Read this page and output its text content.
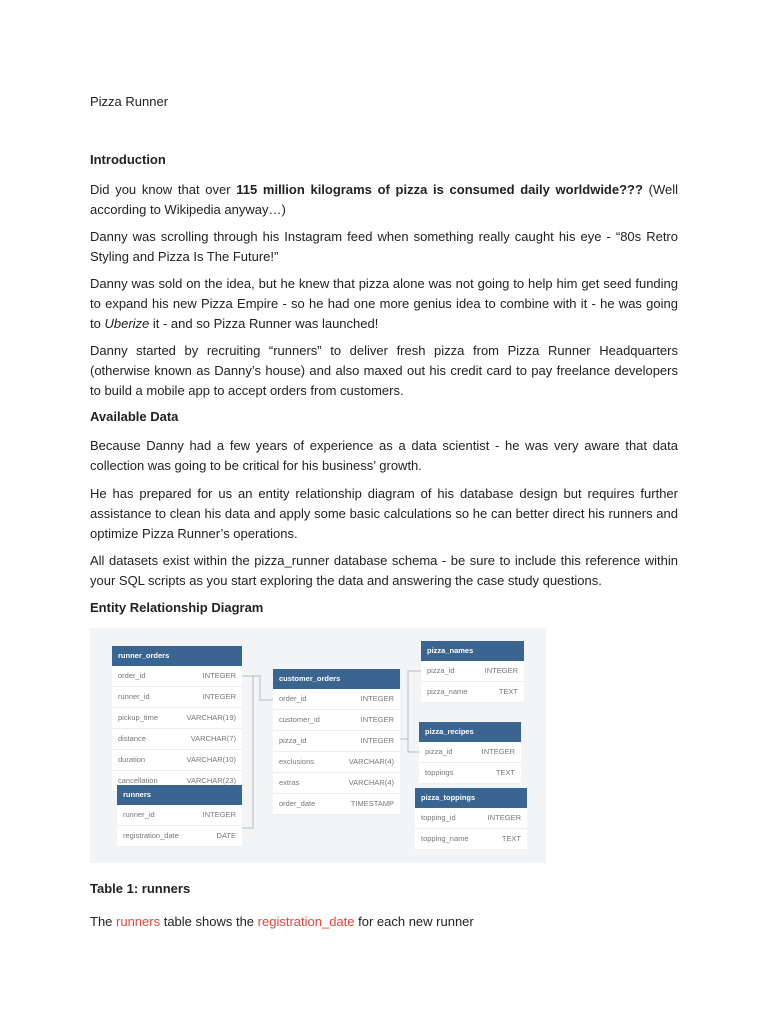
Pizza Runner
Introduction
Did you know that over 115 million kilograms of pizza is consumed daily worldwide??? (Well according to Wikipedia anyway…)
Danny was scrolling through his Instagram feed when something really caught his eye - “80s Retro Styling and Pizza Is The Future!”
Danny was sold on the idea, but he knew that pizza alone was not going to help him get seed funding to expand his new Pizza Empire - so he had one more genius idea to combine with it - he was going to Uberize it - and so Pizza Runner was launched!
Danny started by recruiting “runners” to deliver fresh pizza from Pizza Runner Headquarters (otherwise known as Danny’s house) and also maxed out his credit card to pay freelance developers to build a mobile app to accept orders from customers.
Available Data
Because Danny had a few years of experience as a data scientist - he was very aware that data collection was going to be critical for his business’ growth.
He has prepared for us an entity relationship diagram of his database design but requires further assistance to clean his data and apply some basic calculations so he can better direct his runners and optimize Pizza Runner’s operations.
All datasets exist within the pizza_runner database schema - be sure to include this reference within your SQL scripts as you start exploring the data and answering the case study questions.
Entity Relationship Diagram
runner_orders
order_id	INTEGER
runner_id	INTEGER
pickup_time	VARCHAR(19)
distance	VARCHAR(7)
duration	VARCHAR(10)
cancellation	VARCHAR(23)
runners
runner_id	INTEGER
registration_date	DATE
customer_orders
order_id	INTEGER
customer_id	INTEGER
pizza_id	INTEGER
exclusions	VARCHAR(4)
extras	VARCHAR(4)
order_date	TIMESTAMP
pizza_names
pizza_id	INTEGER
pizza_name	TEXT
pizza_recipes
pizza_id	INTEGER
toppings	TEXT
pizza_toppings
topping_id	INTEGER
topping_name	TEXT
Table 1: runners
The runners table shows the registration_date for each new runner
